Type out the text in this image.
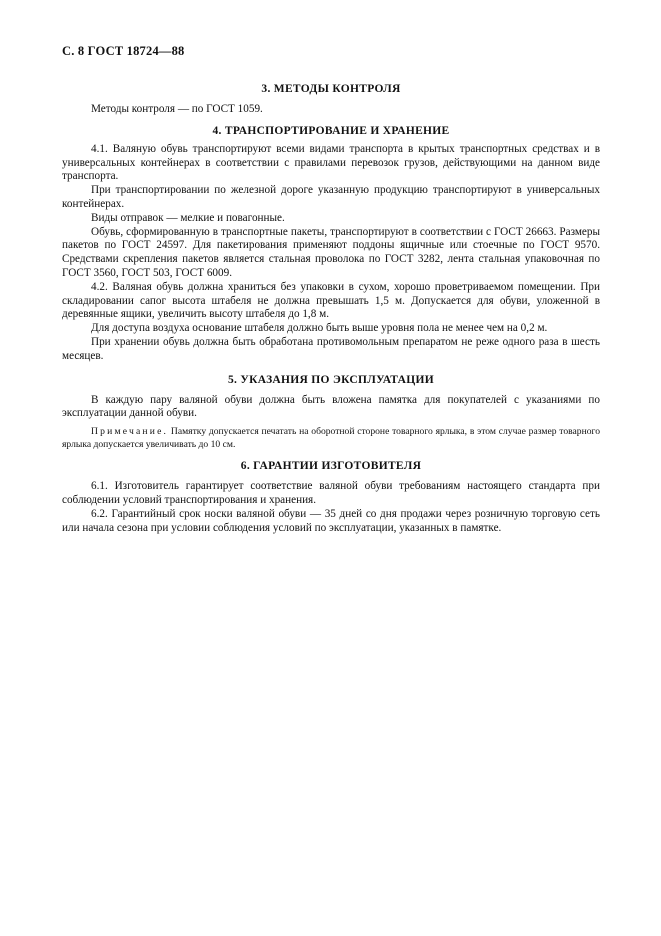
С. 8 ГОСТ 18724—88
3. МЕТОДЫ КОНТРОЛЯ

Методы контроля — по ГОСТ 1059.

4. ТРАНСПОРТИРОВАНИЕ И ХРАНЕНИЕ

4.1. Валяную обувь транспортируют всеми видами транспорта в крытых транспортных средствах и в универсальных контейнерах в соответствии с правилами перевозок грузов, действующими на данном виде транспорта.

При транспортировании по железной дороге указанную продукцию транспортируют в универсальных контейнерах.

Виды отправок — мелкие и повагонные.

Обувь, сформированную в транспортные пакеты, транспортируют в соответствии с ГОСТ 26663. Размеры пакетов по ГОСТ 24597. Для пакетирования применяют поддоны ящичные или стоечные по ГОСТ 9570. Средствами скрепления пакетов является стальная проволока по ГОСТ 3282, лента стальная упаковочная по ГОСТ 3560, ГОСТ 503, ГОСТ 6009.

4.2. Валяная обувь должна храниться без упаковки в сухом, хорошо проветриваемом помещении. При складировании сапог высота штабеля не должна превышать 1,5 м. Допускается для обуви, уложенной в деревянные ящики, увеличить высоту штабеля до 1,8 м.

Для доступа воздуха основание штабеля должно быть выше уровня пола не менее чем на 0,2 м.

При хранении обувь должна быть обработана противомольным препаратом не реже одного раза в шесть месяцев.

5. УКАЗАНИЯ ПО ЭКСПЛУАТАЦИИ

В каждую пару валяной обуви должна быть вложена памятка для покупателей с указаниями по эксплуатации данной обуви.

Примечание. Памятку допускается печатать на оборотной стороне товарного ярлыка, в этом случае размер товарного ярлыка допускается увеличивать до 10 см.

6. ГАРАНТИИ ИЗГОТОВИТЕЛЯ

6.1. Изготовитель гарантирует соответствие валяной обуви требованиям настоящего стандарта при соблюдении условий транспортирования и хранения.

6.2. Гарантийный срок носки валяной обуви — 35 дней со дня продажи через розничную торговую сеть или начала сезона при условии соблюдения условий по эксплуатации, указанных в памятке.
